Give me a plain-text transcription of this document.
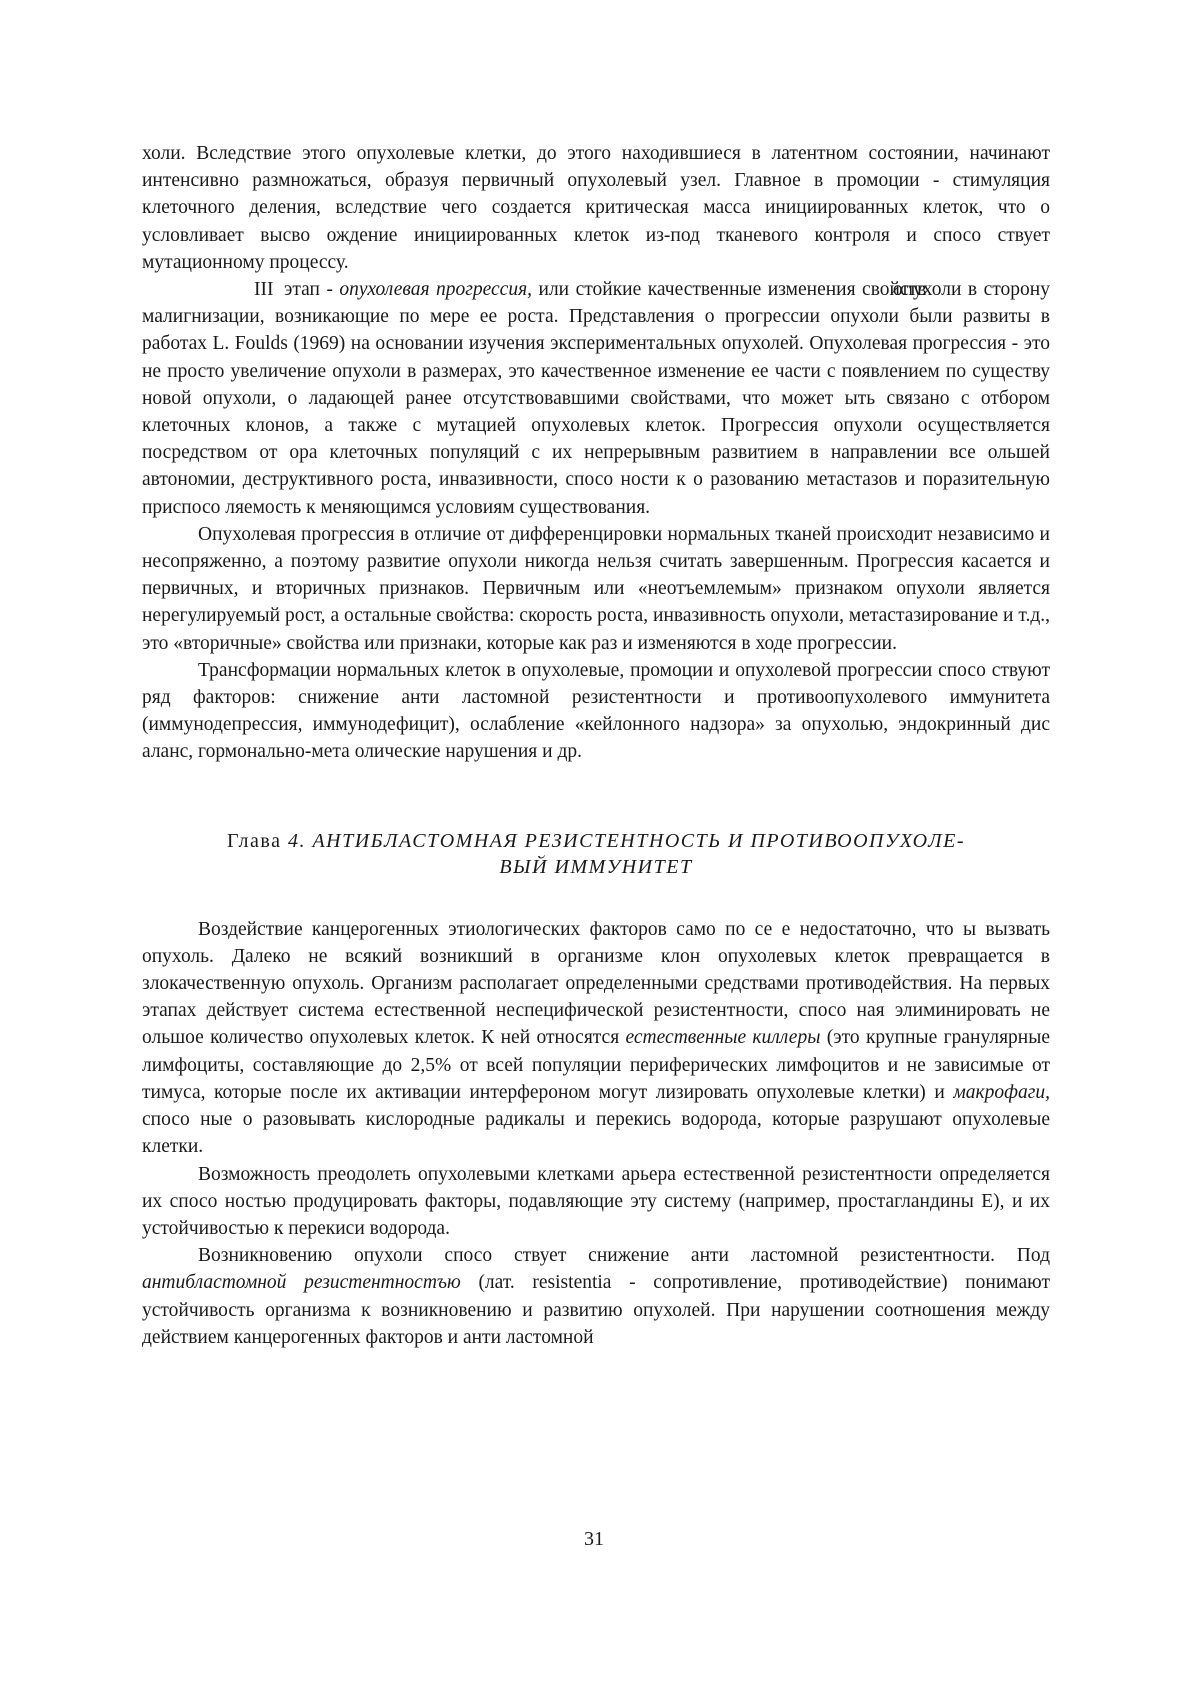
холи. Вследствие этого опухолевые клетки, до этого находившиеся в латентном состоянии, начинают интенсивно размножаться, образуя первичный опухолевый узел. Главное в промоции - стимуляция клеточного деления, вследствие чего создается критическая масса инициированных клеток, что о условливает высво ождение инициированных клеток из-под тканевого контроля и спосо ствует мутационному процессу.

III этап - опухолевая прогрессия, или стойкие качественные изменения свойств опухоли в сторону малигнизации, возникающие по мере ее роста. Представления о прогрессии опухоли были развиты в работах L. Foulds (1969) на основании изучения экспериментальных опухолей. Опухолевая прогрессия - это не просто увеличение опухоли в размерах, это качественное изменение ее части с появлением по существу новой опухоли, о ладающей ранее отсутствовавшими свойствами, что может ыть связано с отбором клеточных клонов, а также с мутацией опухолевых клеток. Прогрессия опухоли осуществляется посредством от ора клеточных популяций с их непрерывным развитием в направлении все ольшей автономии, деструктивного роста, инвазивности, спосо ности к о разованию метастазов и поразительную приспосо ляемость к меняющимся условиям существования.

Опухолевая прогрессия в отличие от дифференцировки нормальных тканей происходит независимо и несопряженно, а поэтому развитие опухоли никогда нельзя считать завершенным. Прогрессия касается и первичных, и вторичных признаков. Первичным или «неотъемлемым» признаком опухоли является нерегулируемый рост, а остальные свойства: скорость роста, инвазивность опухоли, метастазирование и т.д., это «вторичные» свойства или признаки, которые как раз и изменяются в ходе прогрессии.

Трансформации нормальных клеток в опухолевые, промоции и опухолевой прогрессии спосо ствуют ряд факторов: снижение анти ластомной резистентности и противоопухолевого иммунитета (иммунодепрессия, иммунодефицит), ослабление «кейлонного надзора» за опухолью, эндокринный дис аланс, гормонально-мета олические нарушения и др.

Глава 4. АНТИБЛАСТОМНАЯ РЕЗИСТЕНТНОСТЬ И ПРОТИВООПУХОЛЕ-
ВЫЙ ИММУНИТЕТ

Воздействие канцерогенных этиологических факторов само по се е недостаточно, что ы вызвать опухоль. Далеко не всякий возникший в организме клон опухолевых клеток превращается в злокачественную опухоль. Организм располагает определенными средствами противодействия. На первых этапах действует система естественной неспецифической резистентности, спосо ная элиминировать не ольшое количество опухолевых клеток. К ней относятся естественные киллеры (это крупные гранулярные лимфоциты, составляющие до 2,5% от всей популяции периферических лимфоцитов и не зависимые от тимуса, которые после их активации интерфероном могут лизировать опухолевые клетки) и макрофаги, спосо ные о разовывать кислородные радикалы и перекись водорода, которые разрушают опухолевые клетки.

Возможность преодолеть опухолевыми клетками арьера естественной резистентности определяется их спосо ностью продуцировать факторы, подавляющие эту систему (например, простагландины Е), и их устойчивостью к перекиси водорода.

Возникновению опухоли спосо ствует снижение анти ластомной резистентности. Под антибластомной резистентностъю (лат. resistentia - сопротивление, противодействие) понимают устойчивость организма к возникновению и развитию опухолей. При нарушении соотношения между действием канцерогенных факторов и анти ластомной

31
